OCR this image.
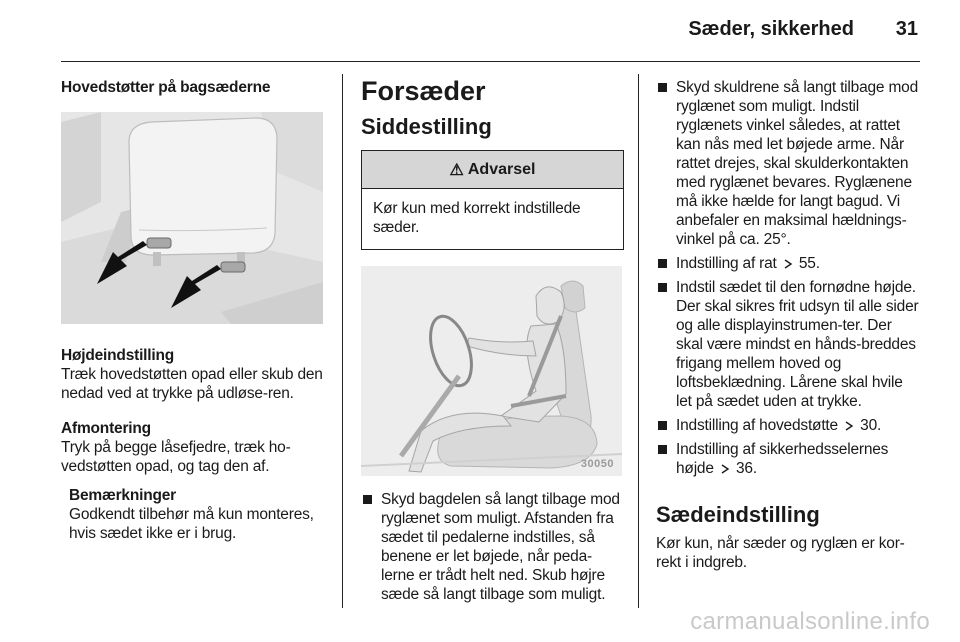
Sæder, sikkerhed 31
Hovedstøtter på bagsæderne
Højdeindstilling
Træk hovedstøtten opad eller skub den nedad ved at trykke på udløse-ren.
Afmontering
Tryk på begge låsefjedre, træk ho-vedstøtten opad, og tag den af.
Bemærkninger
Godkendt tilbehør må kun monteres, hvis sædet ikke er i brug.
Forsæder
Siddestilling
⚠ Advarsel
Kør kun med korrekt indstillede sæder.
30050
Skyd bagdelen så langt tilbage mod ryglænet som muligt. Afstanden fra sædet til pedalerne indstilles, så benene er let bøjede, når peda-lerne er trådt helt ned. Skub højre sæde så langt tilbage som muligt.
Skyd skuldrene så langt tilbage mod ryglænet som muligt. Indstil ryglænets vinkel således, at rattet kan nås med let bøjede arme. Når rattet drejes, skal skulderkontakten med ryglænet bevares. Ryglænene må ikke hælde for langt bagud. Vi anbefaler en maksimal hældnings-vinkel på ca. 25°.
Indstilling af rat 55.
Indstil sædet til den fornødne højde. Der skal sikres frit udsyn til alle sider og alle displayinstrumen-ter. Der skal være mindst en hånds-breddes frigang mellem hoved og loftsbeklædning. Lårene skal hvile let på sædet uden at trykke.
Indstilling af hovedstøtte 30.
Indstilling af sikkerhedsselernes højde 36.
Sædeindstilling
Kør kun, når sæder og ryglæn er kor-rekt i indgreb.
carmanualsonline.info
